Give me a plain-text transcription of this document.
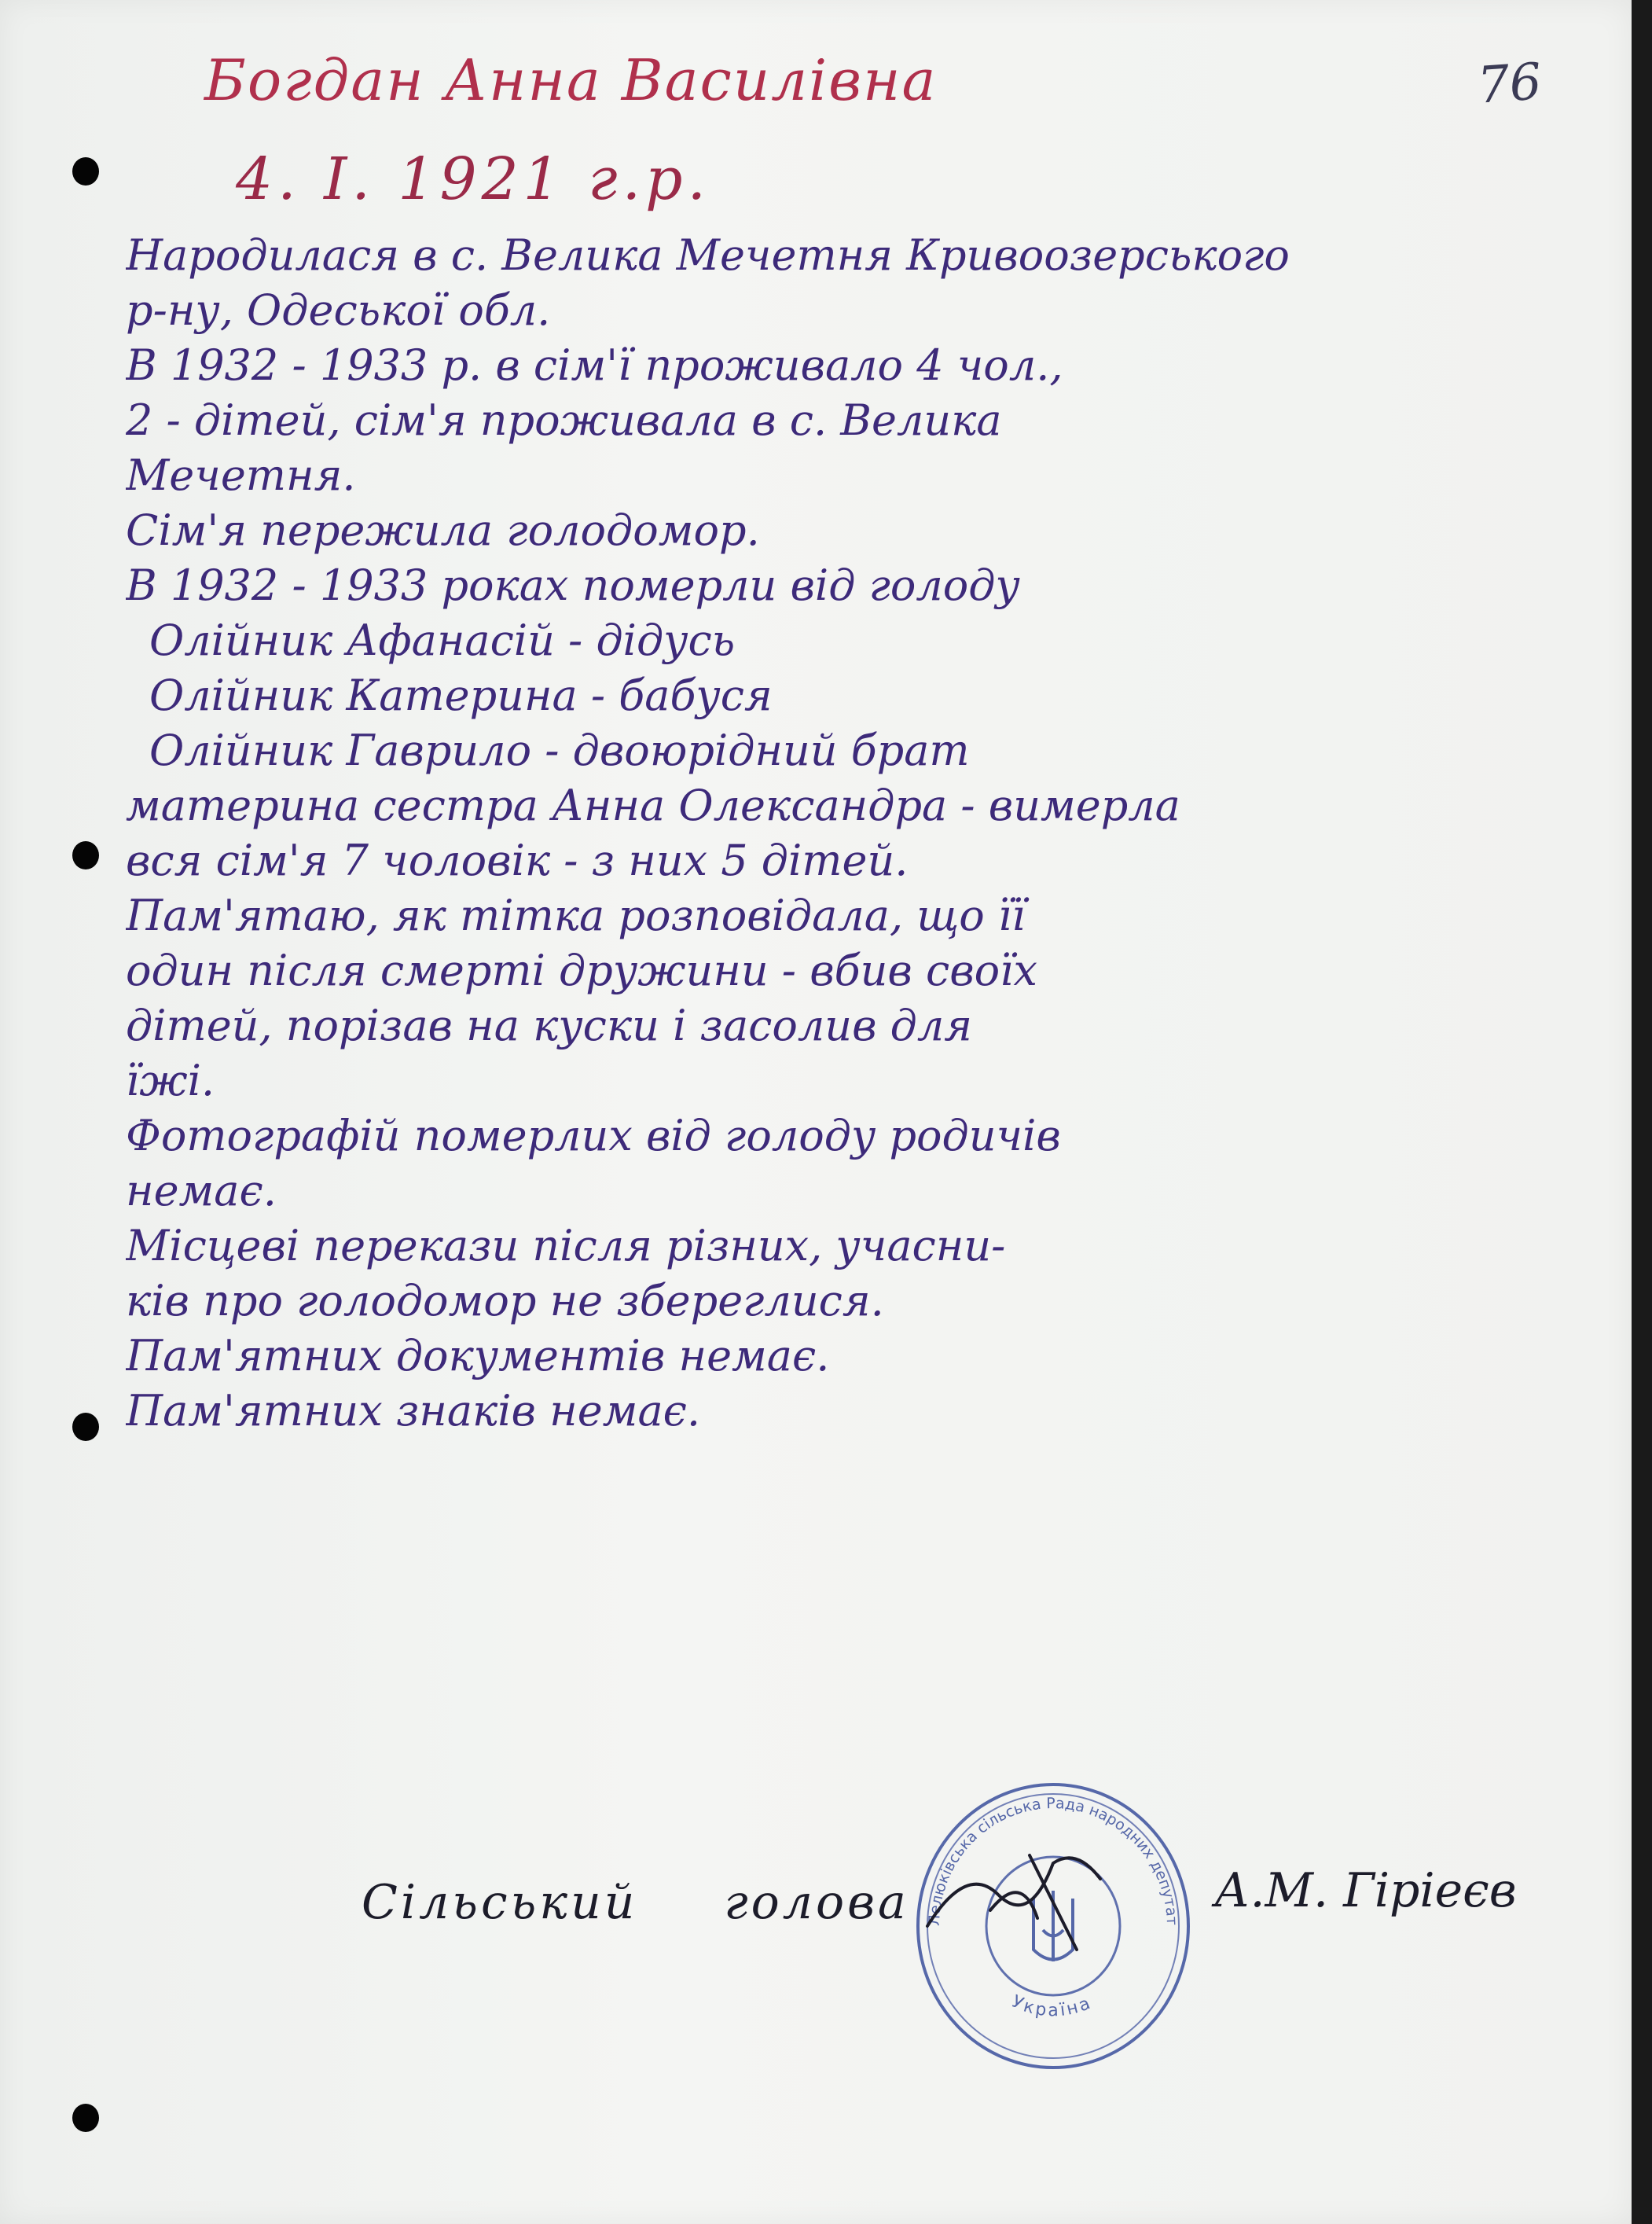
76
Богдан Анна Василівна
4. I. 1921 г.р.
Народилася в с. Велика Мечетня Кривоозерського
р-ну, Одеської обл.
В 1932 - 1933 р. в сім'ї проживало 4 чол.,
2 - дітей, сім'я проживала в с. Велика
Мечетня.
Сім'я пережила голодомор.
В 1932 - 1933 роках померли від голоду
Олійник Афанасій - дідусь
Олійник Катерина - бабуся
Олійник Гаврило - двоюрідний брат
материна сестра Анна Олександра - вимерла
вся сім'я 7 чоловік - з них 5 дітей.
Пам'ятаю, як тітка розповідала, що її
один після смерті дружини - вбив своїх
дітей, порізав на куски і засолив для
їжі.
Фотографій померлих від голоду родичів
немає.
Місцеві перекази після різних, учасни-
ків про голодомор не збереглися.
Пам'ятних документів немає.
Пам'ятних знаків немає.
Сільський голова	Лелюківська сільська Рада народних депутат
Україна
А.М. Гіріеєв
